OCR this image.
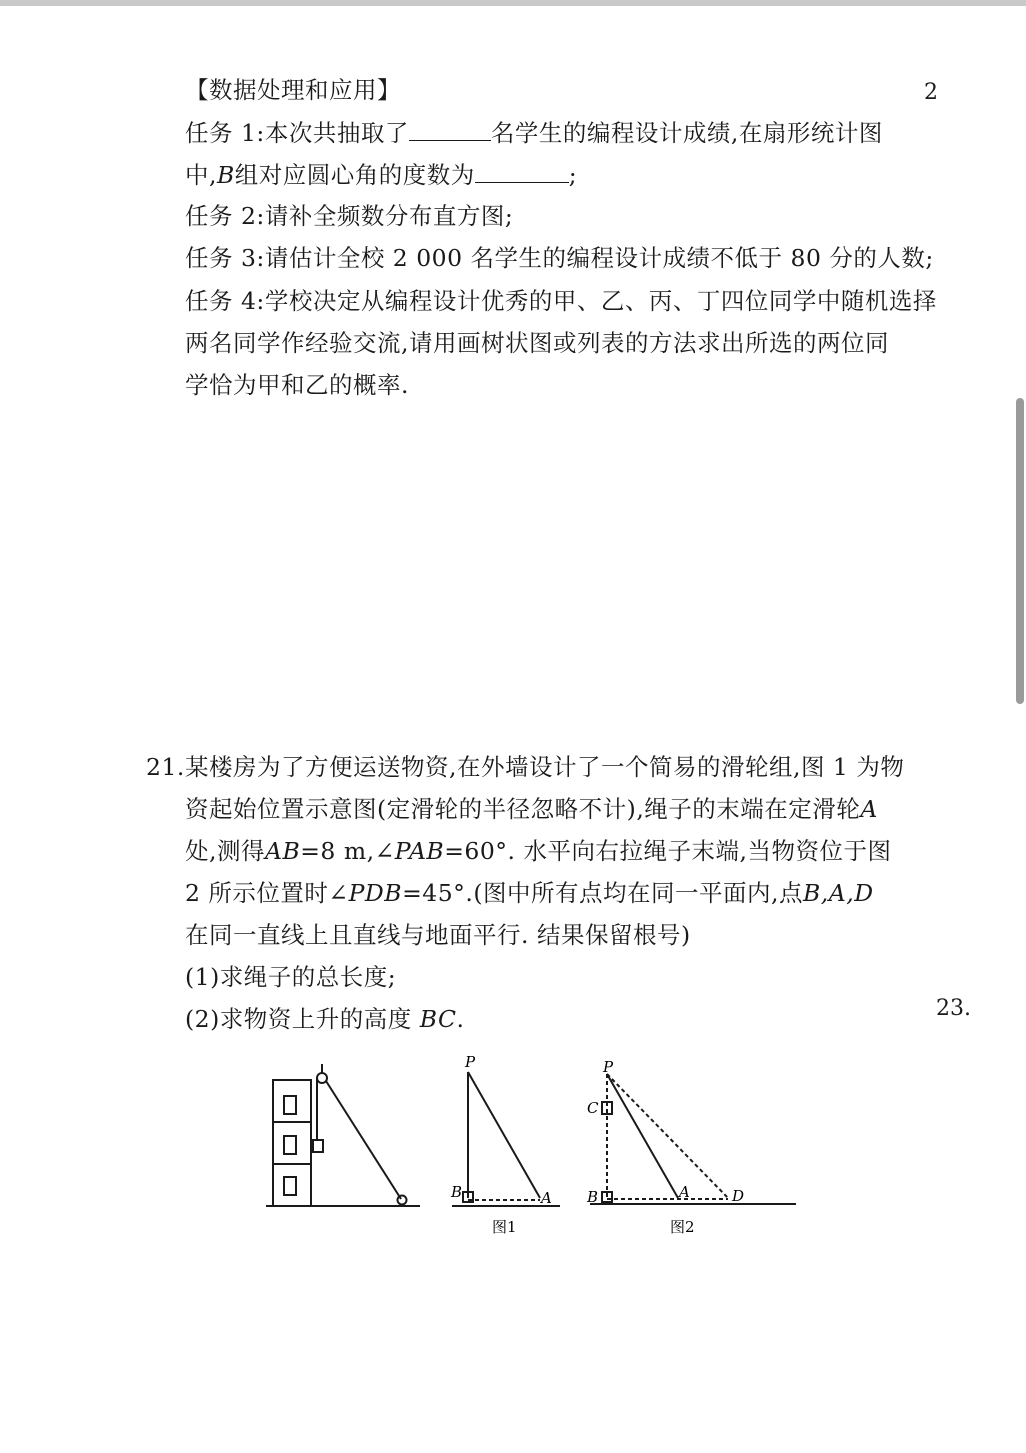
2
23.
【数据处理和应用】
任务 1:本次共抽取了	名学生的编程设计成绩,在扇形统计图
中,B组对应圆心角的度数为	;
任务 2:请补全频数分布直方图;
任务 3:请估计全校 2 000 名学生的编程设计成绩不低于 80 分的人数;
任务 4:学校决定从编程设计优秀的甲、乙、丙、丁四位同学中随机选择
两名同学作经验交流,请用画树状图或列表的方法求出所选的两位同
学恰为甲和乙的概率.
21. 某楼房为了方便运送物资,在外墙设计了一个简易的滑轮组,图 1 为物
资起始位置示意图(定滑轮的半径忽略不计),绳子的末端在定滑轮A
处,测得AB=8 m,∠PAB=60°. 水平向右拉绳子末端,当物资位于图
2 所示位置时∠PDB=45°.(图中所有点均在同一平面内,点B,A,D
在同一直线上且直线与地面平行. 结果保留根号)
(1)求绳子的总长度;
(2)求物资上升的高度 BC.
P
B	A
图1
P
C
B	A	D
图2
